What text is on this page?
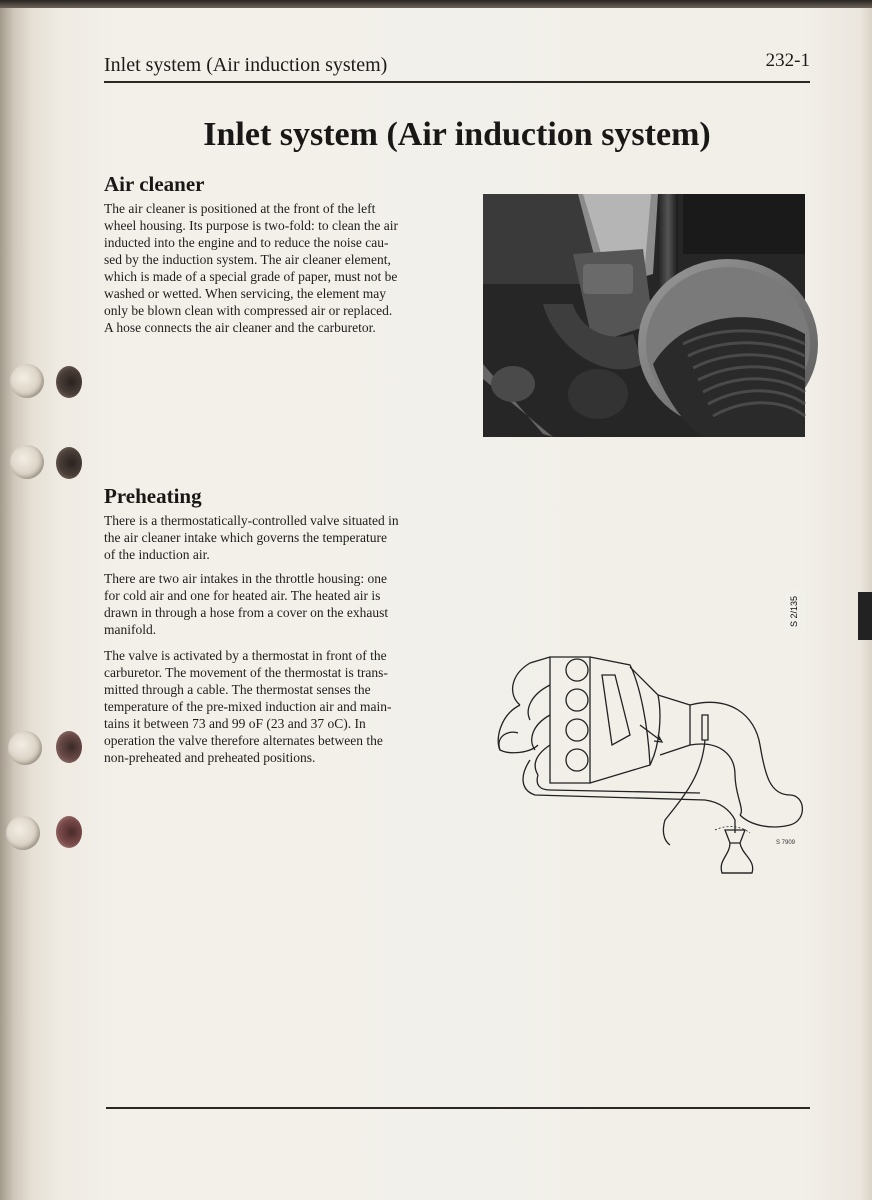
Inlet system (Air induction system)	232-1
Inlet system (Air induction system)
Air cleaner

The air cleaner is positioned at the front of the left
wheel housing. Its purpose is two-fold: to clean the air
inducted into the engine and to reduce the noise cau-
sed by the induction system. The air cleaner element,
which is made of a special grade of paper, must not be
washed or wetted. When servicing, the element may
only be blown clean with compressed air or replaced.
A hose connects the air cleaner and the carburetor.

S 2/135
Preheating

There is a thermostatically-controlled valve situated in
the air cleaner intake which governs the temperature
of the induction air.

There are two air intakes in the throttle housing: one
for cold air and one for heated air. The heated air is
drawn in through a hose from a cover on the exhaust
manifold.

The valve is activated by a thermostat in front of the
carburetor. The movement of the thermostat is trans-
mitted through a cable. The thermostat senses the
temperature of the pre-mixed induction air and main-
tains it between 73 and 99 oF (23 and 37 oC). In
operation the valve therefore alternates between the
non-preheated and preheated positions.

S 7909
